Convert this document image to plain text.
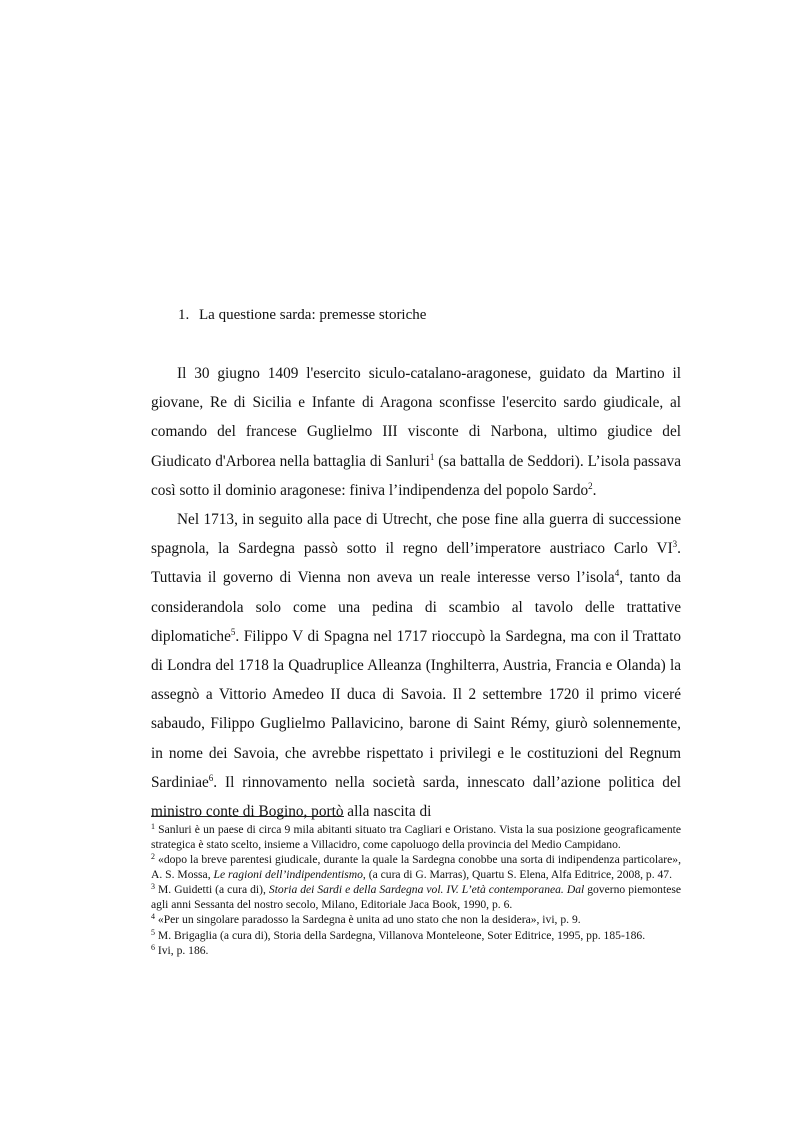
1. La questione sarda: premesse storiche

Il 30 giugno 1409 l'esercito siculo-catalano-aragonese, guidato da Martino il giovane, Re di Sicilia e Infante di Aragona sconfisse l'esercito sardo giudicale, al comando del francese Guglielmo III visconte di Narbona, ultimo giudice del Giudicato d'Arborea nella battaglia di Sanluri$^1$ (sa battalla de Seddori). L’isola passava così sotto il dominio aragonese: finiva l’indipendenza del popolo Sardo$^2$.

Nel 1713, in seguito alla pace di Utrecht, che pose fine alla guerra di successione spagnola, la Sardegna passò sotto il regno dell’imperatore austriaco Carlo $VI^3$. Tuttavia il governo di Vienna non aveva un reale interesse verso l’isola$^4$, tanto da considerandola solo come una pedina di scambio al tavolo delle trattative diplomatiche$^5$. Filippo V di Spagna nel 1717 rioccupò la Sardegna, ma con il Trattato di Londra del 1718 la Quadruplice Alleanza (Inghilterra, Austria, Francia e Olanda) la assegnò a Vittorio Amedeo II duca di Savoia. Il 2 settembre 1720 il primo viceré sabaudo, Filippo Guglielmo Pallavicino, barone di Saint Rémy, giurò solennemente, in nome dei Savoia, che avrebbe rispettato i privilegi e le costituzioni del Regnum Sardiniae$^6$. Il rinnovamento nella società sarda, innescato dall’azione politica del ministro conte di Bogino, portò alla nascita di

$^1$ Sanluri è un paese di circa 9 mila abitanti situato tra Cagliari e Oristano. Vista la sua posizione geograficamente strategica è stato scelto, insieme a Villacidro, come capoluogo della provincia del Medio Campidano.

$^2$ «dopo la breve parentesi giudicale, durante la quale la Sardegna conobbe una sorta di indipendenza particolare», A. S. Mossa, Le ragioni dell’indipendentismo, (a cura di G. Marras), Quartu S. Elena, Alfa Editrice, 2008, p. 47.

$^3$ M. Guidetti (a cura di), Storia dei Sardi e della Sardegna vol. IV. L’età contemporanea. Dal governo piemontese agli anni Sessanta del nostro secolo, Milano, Editoriale Jaca Book, 1990, p. 6.

$^4$ «Per un singolare paradosso la Sardegna è unita ad uno stato che non la desidera», ivi, p. 9.

$^5$ M. Brigaglia (a cura di), Storia della Sardegna, Villanova Monteleone, Soter Editrice, 1995, pp. 185-186.

$^6$ Ivi, p. 186.
